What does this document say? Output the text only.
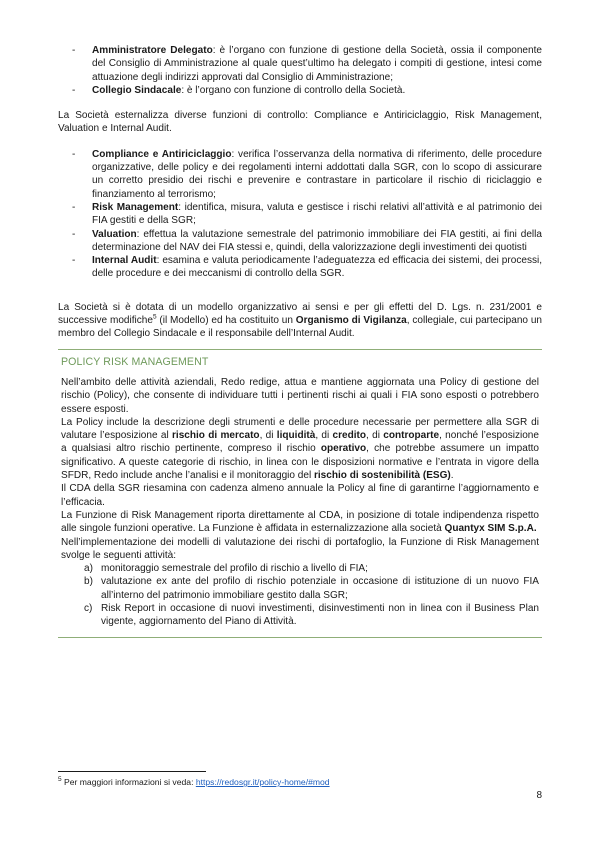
- Amministratore Delegato: è l’organo con funzione di gestione della Società, ossia il componente del Consiglio di Amministrazione al quale quest’ultimo ha delegato i compiti di gestione, intesi come attuazione degli indirizzi approvati dal Consiglio di Amministrazione;
- Collegio Sindacale: è l’organo con funzione di controllo della Società.

La Società esternalizza diverse funzioni di controllo: Compliance e Antiriciclaggio, Risk Management, Valuation e Internal Audit.

- Compliance e Antiriciclaggio: verifica l’osservanza della normativa di riferimento, delle procedure organizzative, delle policy e dei regolamenti interni addottati dalla SGR, con lo scopo di assicurare un corretto presidio dei rischi e prevenire e contrastare in particolare il rischio di riciclaggio e finanziamento al terrorismo;
- Risk Management: identifica, misura, valuta e gestisce i rischi relativi all’attività e al patrimonio dei FIA gestiti e della SGR;
- Valuation: effettua la valutazione semestrale del patrimonio immobiliare dei FIA gestiti, ai fini della determinazione del NAV dei FIA stessi e, quindi, della valorizzazione degli investimenti dei quotisti
- Internal Audit: esamina e valuta periodicamente l’adeguatezza ed efficacia dei sistemi, dei processi, delle procedure e dei meccanismi di controllo della SGR.

La Società si è dotata di un modello organizzativo ai sensi e per gli effetti del D. Lgs. n. 231/2001 e successive modifiche$^5$ (il Modello) ed ha costituito un Organismo di Vigilanza, collegiale, cui partecipano un membro del Collegio Sindacale e il responsabile dell’Internal Audit.

POLICY RISK MANAGEMENT

Nell’ambito delle attività aziendali, Redo redige, attua e mantiene aggiornata una Policy di gestione del rischio (Policy), che consente di individuare tutti i pertinenti rischi ai quali i FIA sono esposti o potrebbero essere esposti.

La Policy include la descrizione degli strumenti e delle procedure necessarie per permettere alla SGR di valutare l’esposizione al rischio di mercato, di liquidità, di credito, di controparte, nonché l’esposizione a qualsiasi altro rischio pertinente, compreso il rischio operativo, che potrebbe assumere un impatto significativo. A queste categorie di rischio, in linea con le disposizioni normative e l’entrata in vigore della SFDR, Redo include anche l’analisi e il monitoraggio del rischio di sostenibilità (ESG).

Il CDA della SGR riesamina con cadenza almeno annuale la Policy al fine di garantirne l’aggiornamento e l’efficacia.

La Funzione di Risk Management riporta direttamente al CDA, in posizione di totale indipendenza rispetto alle singole funzioni operative. La Funzione è affidata in esternalizzazione alla società Quantyx SIM S.p.A.

Nell’implementazione dei modelli di valutazione dei rischi di portafoglio, la Funzione di Risk Management svolge le seguenti attività:

a) monitoraggio semestrale del profilo di rischio a livello di FIA;
b) valutazione ex ante del profilo di rischio potenziale in occasione di istituzione di un nuovo FIA all’interno del patrimonio immobiliare gestito dalla SGR;
c) Risk Report in occasione di nuovi investimenti, disinvestimenti non in linea con il Business Plan vigente, aggiornamento del Piano di Attività.
$^5$ Per maggiori informazioni si veda: https://redosgr.it/policy-home/#mod
8
